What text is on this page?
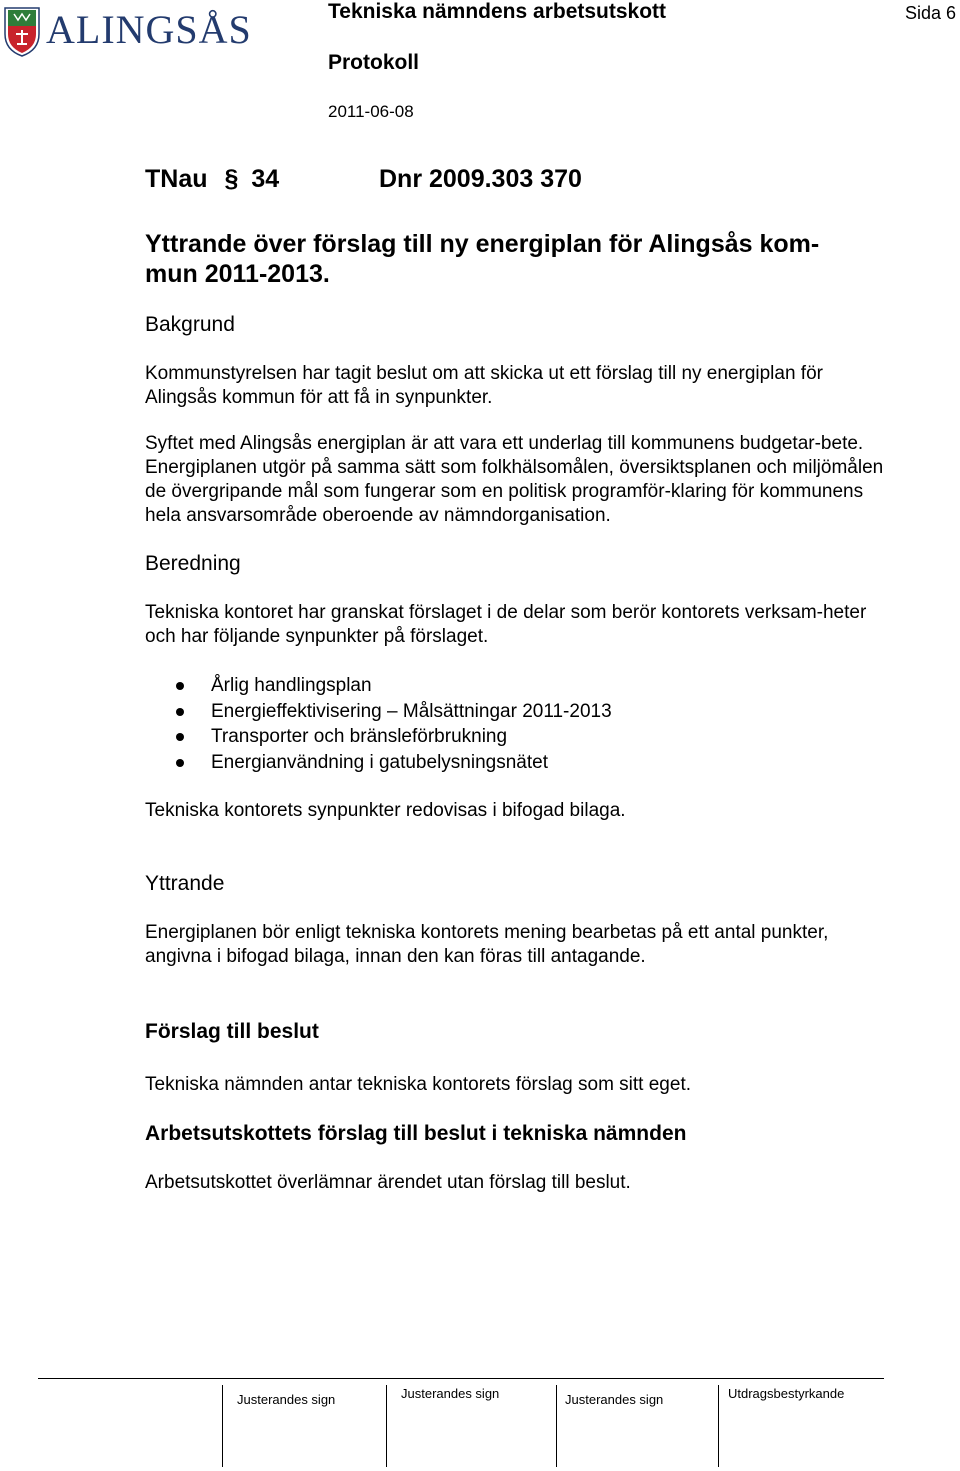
ALINGSÅS	Tekniska nämndens arbetsutskott	Sida 6
Protokoll
2011-06-08
TNau § 34	Dnr 2009.303 370
Yttrande över förslag till ny energiplan för Alingsås kom-
mun 2011-2013.
Bakgrund

Kommunstyrelsen har tagit beslut om att skicka ut ett förslag till ny energiplan för Alingsås kommun för att få in synpunkter.

Syftet med Alingsås energiplan är att vara ett underlag till kommunens budgetar-bete. Energiplanen utgör på samma sätt som folkhälsomålen, översiktsplanen och miljömålen de övergripande mål som fungerar som en politisk programför-klaring för kommunens hela ansvarsområde oberoende av nämndorganisation.

Beredning

Tekniska kontoret har granskat förslaget i de delar som berör kontorets verksam-heter och har följande synpunkter på förslaget.

Årlig handlingsplan
Energieffektivisering – Målsättningar 2011-2013
Transporter och bränsleförbrukning
Energianvändning i gatubelysningsnätet

Tekniska kontorets synpunkter redovisas i bifogad bilaga.

Yttrande

Energiplanen bör enligt tekniska kontorets mening bearbetas på ett antal punkter, angivna i bifogad bilaga, innan den kan föras till antagande.

Förslag till beslut

Tekniska nämnden antar tekniska kontorets förslag som sitt eget.

Arbetsutskottets förslag till beslut i tekniska nämnden

Arbetsutskottet överlämnar ärendet utan förslag till beslut.

Justerandes sign	Justerandes sign	Justerandes sign	Utdragsbestyrkande
